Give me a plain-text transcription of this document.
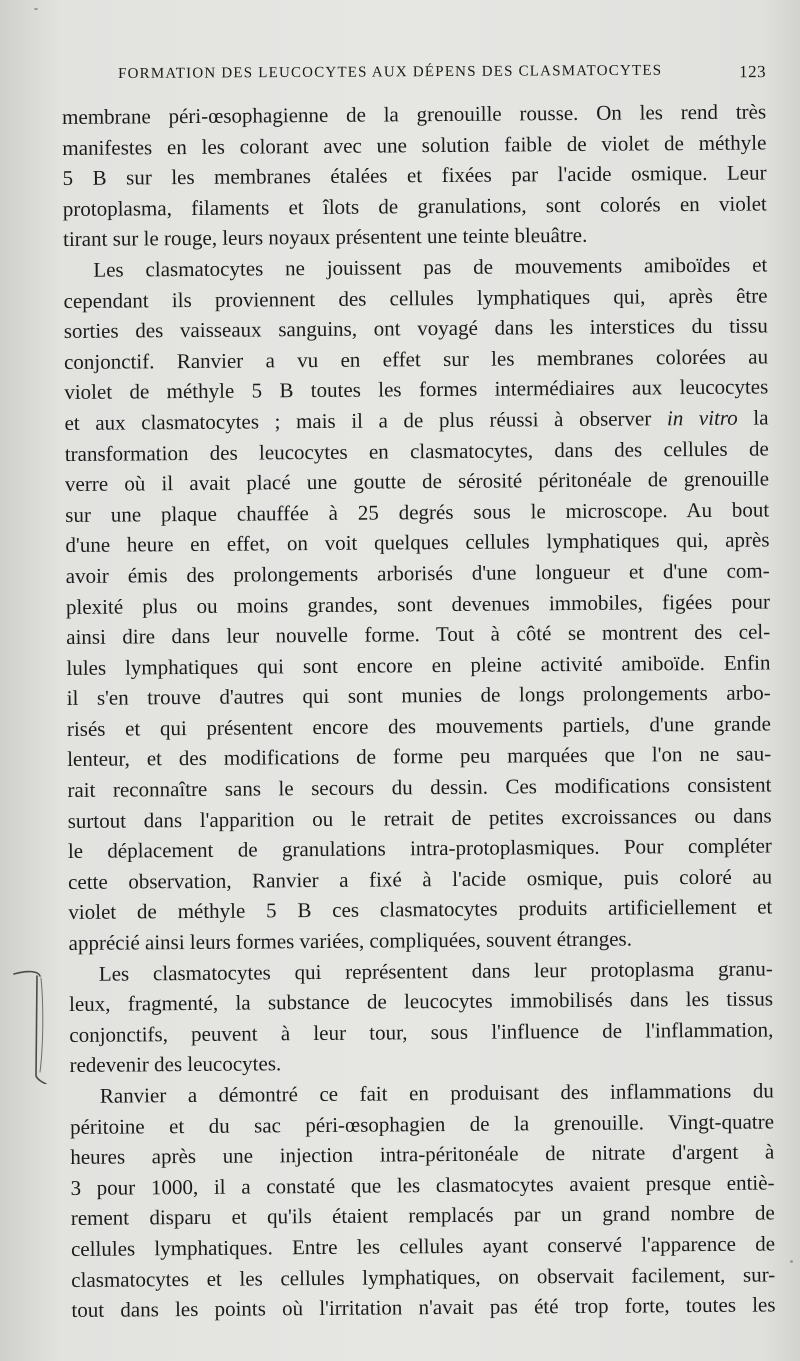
FORMATION DES LEUCOCYTES AUX DÉPENS DES CLASMATOCYTES	123

membrane péri-œsophagienne de la grenouille rousse. On les rend très
manifestes en les colorant avec une solution faible de violet de méthyle
5 B sur les membranes étalées et fixées par l'acide osmique. Leur
protoplasma, filaments et îlots de granulations, sont colorés en violet
tirant sur le rouge, leurs noyaux présentent une teinte bleuâtre.

Les clasmatocytes ne jouissent pas de mouvements amiboïdes et
cependant ils proviennent des cellules lymphatiques qui, après être
sorties des vaisseaux sanguins, ont voyagé dans les interstices du tissu
conjonctif. Ranvier a vu en effet sur les membranes colorées au
violet de méthyle 5 B toutes les formes intermédiaires aux leucocytes
et aux clasmatocytes ; mais il a de plus réussi à observer in vitro la
transformation des leucocytes en clasmatocytes, dans des cellules de
verre où il avait placé une goutte de sérosité péritonéale de grenouille
sur une plaque chauffée à 25 degrés sous le microscope. Au bout
d'une heure en effet, on voit quelques cellules lymphatiques qui, après
avoir émis des prolongements arborisés d'une longueur et d'une com-
plexité plus ou moins grandes, sont devenues immobiles, figées pour
ainsi dire dans leur nouvelle forme. Tout à côté se montrent des cel-
lules lymphatiques qui sont encore en pleine activité amiboïde. Enfin
il s'en trouve d'autres qui sont munies de longs prolongements arbo-
risés et qui présentent encore des mouvements partiels, d'une grande
lenteur, et des modifications de forme peu marquées que l'on ne sau-
rait reconnaître sans le secours du dessin. Ces modifications consistent
surtout dans l'apparition ou le retrait de petites excroissances ou dans
le déplacement de granulations intra-protoplasmiques. Pour compléter
cette observation, Ranvier a fixé à l'acide osmique, puis coloré au
violet de méthyle 5 B ces clasmatocytes produits artificiellement et
apprécié ainsi leurs formes variées, compliquées, souvent étranges.

Les clasmatocytes qui représentent dans leur protoplasma granu-
leux, fragmenté, la substance de leucocytes immobilisés dans les tissus
conjonctifs, peuvent à leur tour, sous l'influence de l'inflammation,
redevenir des leucocytes.

Ranvier a démontré ce fait en produisant des inflammations du
péritoine et du sac péri-œsophagien de la grenouille. Vingt-quatre
heures après une injection intra-péritonéale de nitrate d'argent à
3 pour 1000, il a constaté que les clasmatocytes avaient presque entiè-
rement disparu et qu'ils étaient remplacés par un grand nombre de
cellules lymphatiques. Entre les cellules ayant conservé l'apparence de
clasmatocytes et les cellules lymphatiques, on observait facilement, sur-
tout dans les points où l'irritation n'avait pas été trop forte, toutes les
